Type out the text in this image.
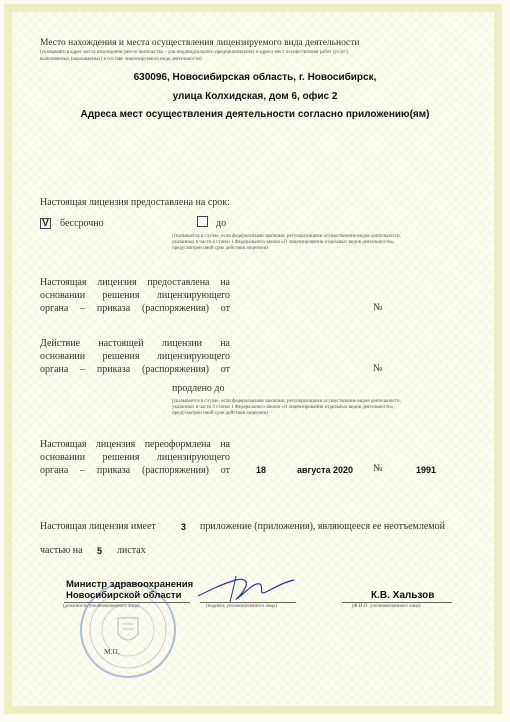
Место нахождения и места осуществления лицензируемого вида деятельности
(указываются адрес места нахождения (место жительства – для индивидуального предпринимателя) и адреса мест осуществления работ (услуг),
выполняемых (оказываемых) в составе лицензируемого вида деятельности)
630096, Новосибирская область, г. Новосибирск,
улица Колхидская, дом 6, офис 2
Адреса мест осуществления деятельности согласно приложению(ям)
Настоящая лицензия предоставлена на срок:
V бессрочно	до
(указывается в случае, если федеральными законами, регулирующими осуществление видов деятельности,
указанных в части 4 статьи 1 Федерального закона «О лицензировании отдельных видов деятельности»,
предусмотрен иной срок действия лицензии)
Настоящая лицензия предоставлена на
основании решения лицензирующего
органа – приказа (распоряжения) от	№
Действие настоящей лицензии на
основании решения лицензирующего
органа – приказа (распоряжения) от	№
продлено до
(указывается в случае, если федеральными законами, регулирующими осуществление видов деятельности,
указанных в части 4 статьи 1 Федерального закона «О лицензировании отдельных видов деятельности»,
предусмотрен иной срок действия лицензии)
Настоящая лицензия переоформлена на
основании решения лицензирующего
органа – приказа (распоряжения) от	18	августа 2020 №	1991
Настоящая лицензия имеет	3 приложение (приложения), являющееся ее неотъемлемой
частью на 5 листах
М.П.
Министр здравоохранения
Новосибирской области
(должность уполномоченного лица)	(подпись уполномоченного лица)
К.В. Хальзов
(Ф.И.О. уполномоченного лица)
